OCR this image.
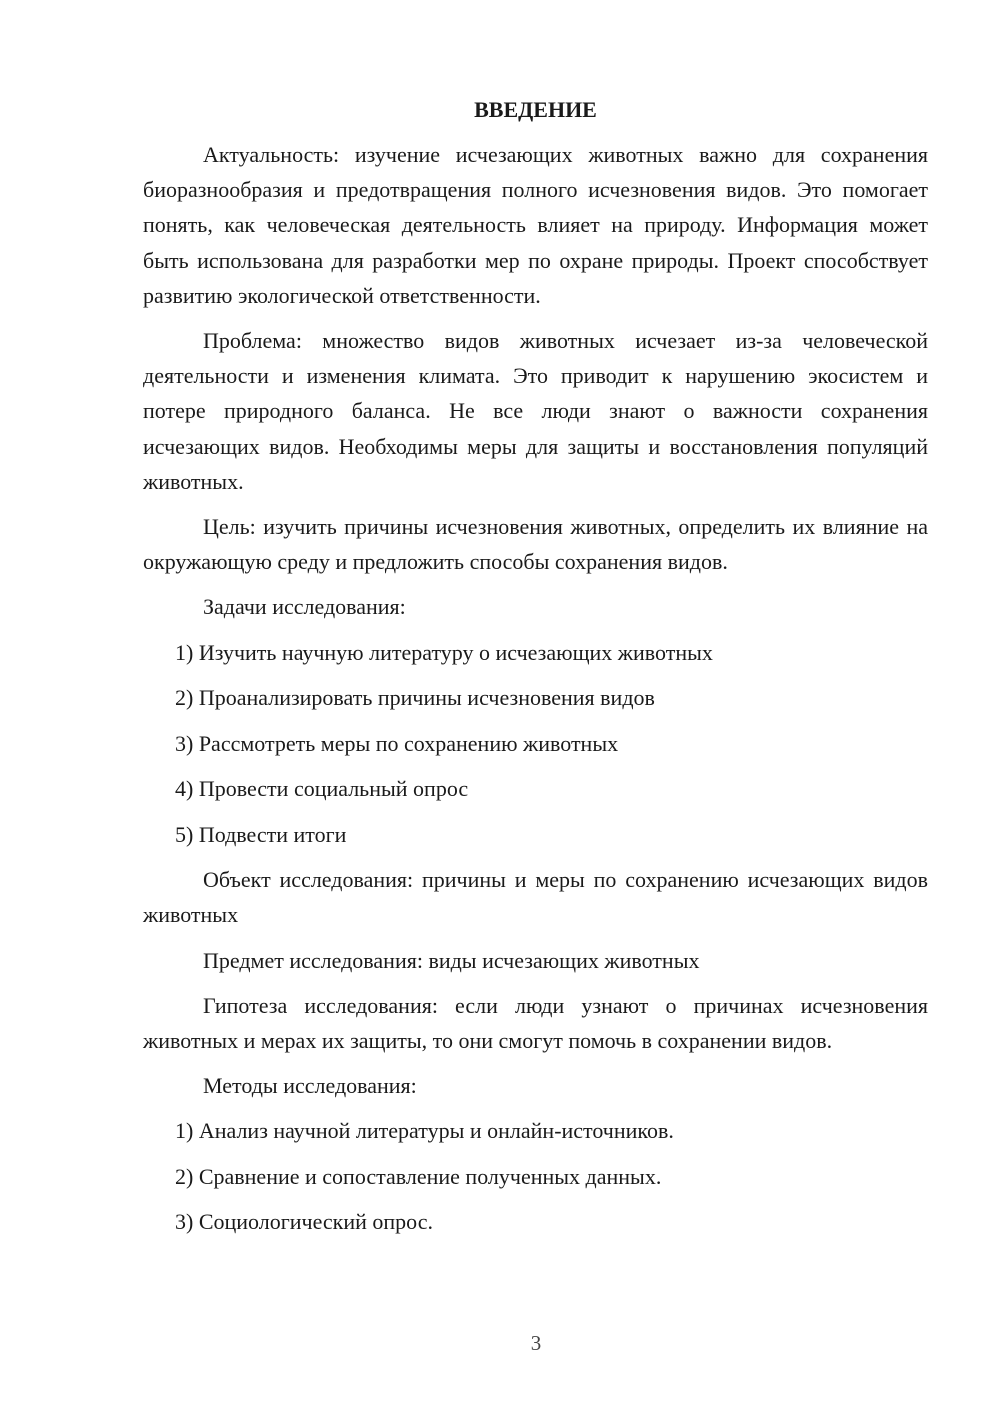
ВВЕДЕНИЕ

Актуальность: изучение исчезающих животных важно для сохранения биоразнообразия и предотвращения полного исчезновения видов. Это помогает понять, как человеческая деятельность влияет на природу. Информация может быть использована для разработки мер по охране природы. Проект способствует развитию экологической ответственности.

Проблема: множество видов животных исчезает из-за человеческой деятельности и изменения климата. Это приводит к нарушению экосистем и потере природного баланса. Не все люди знают о важности сохранения исчезающих видов. Необходимы меры для защиты и восстановления популяций животных.

Цель: изучить причины исчезновения животных, определить их влияние на окружающую среду и предложить способы сохранения видов.

Задачи исследования:

1) Изучить научную литературу о исчезающих животных
2) Проанализировать причины исчезновения видов
3) Рассмотреть меры по сохранению животных
4) Провести социальный опрос
5) Подвести итоги

Объект исследования: причины и меры по сохранению исчезающих видов животных

Предмет исследования: виды исчезающих животных

Гипотеза исследования: если люди узнают о причинах исчезновения животных и мерах их защиты, то они смогут помочь в сохранении видов.

Методы исследования:

1) Анализ научной литературы и онлайн-источников.
2) Сравнение и сопоставление полученных данных.
3) Социологический опрос.
3
